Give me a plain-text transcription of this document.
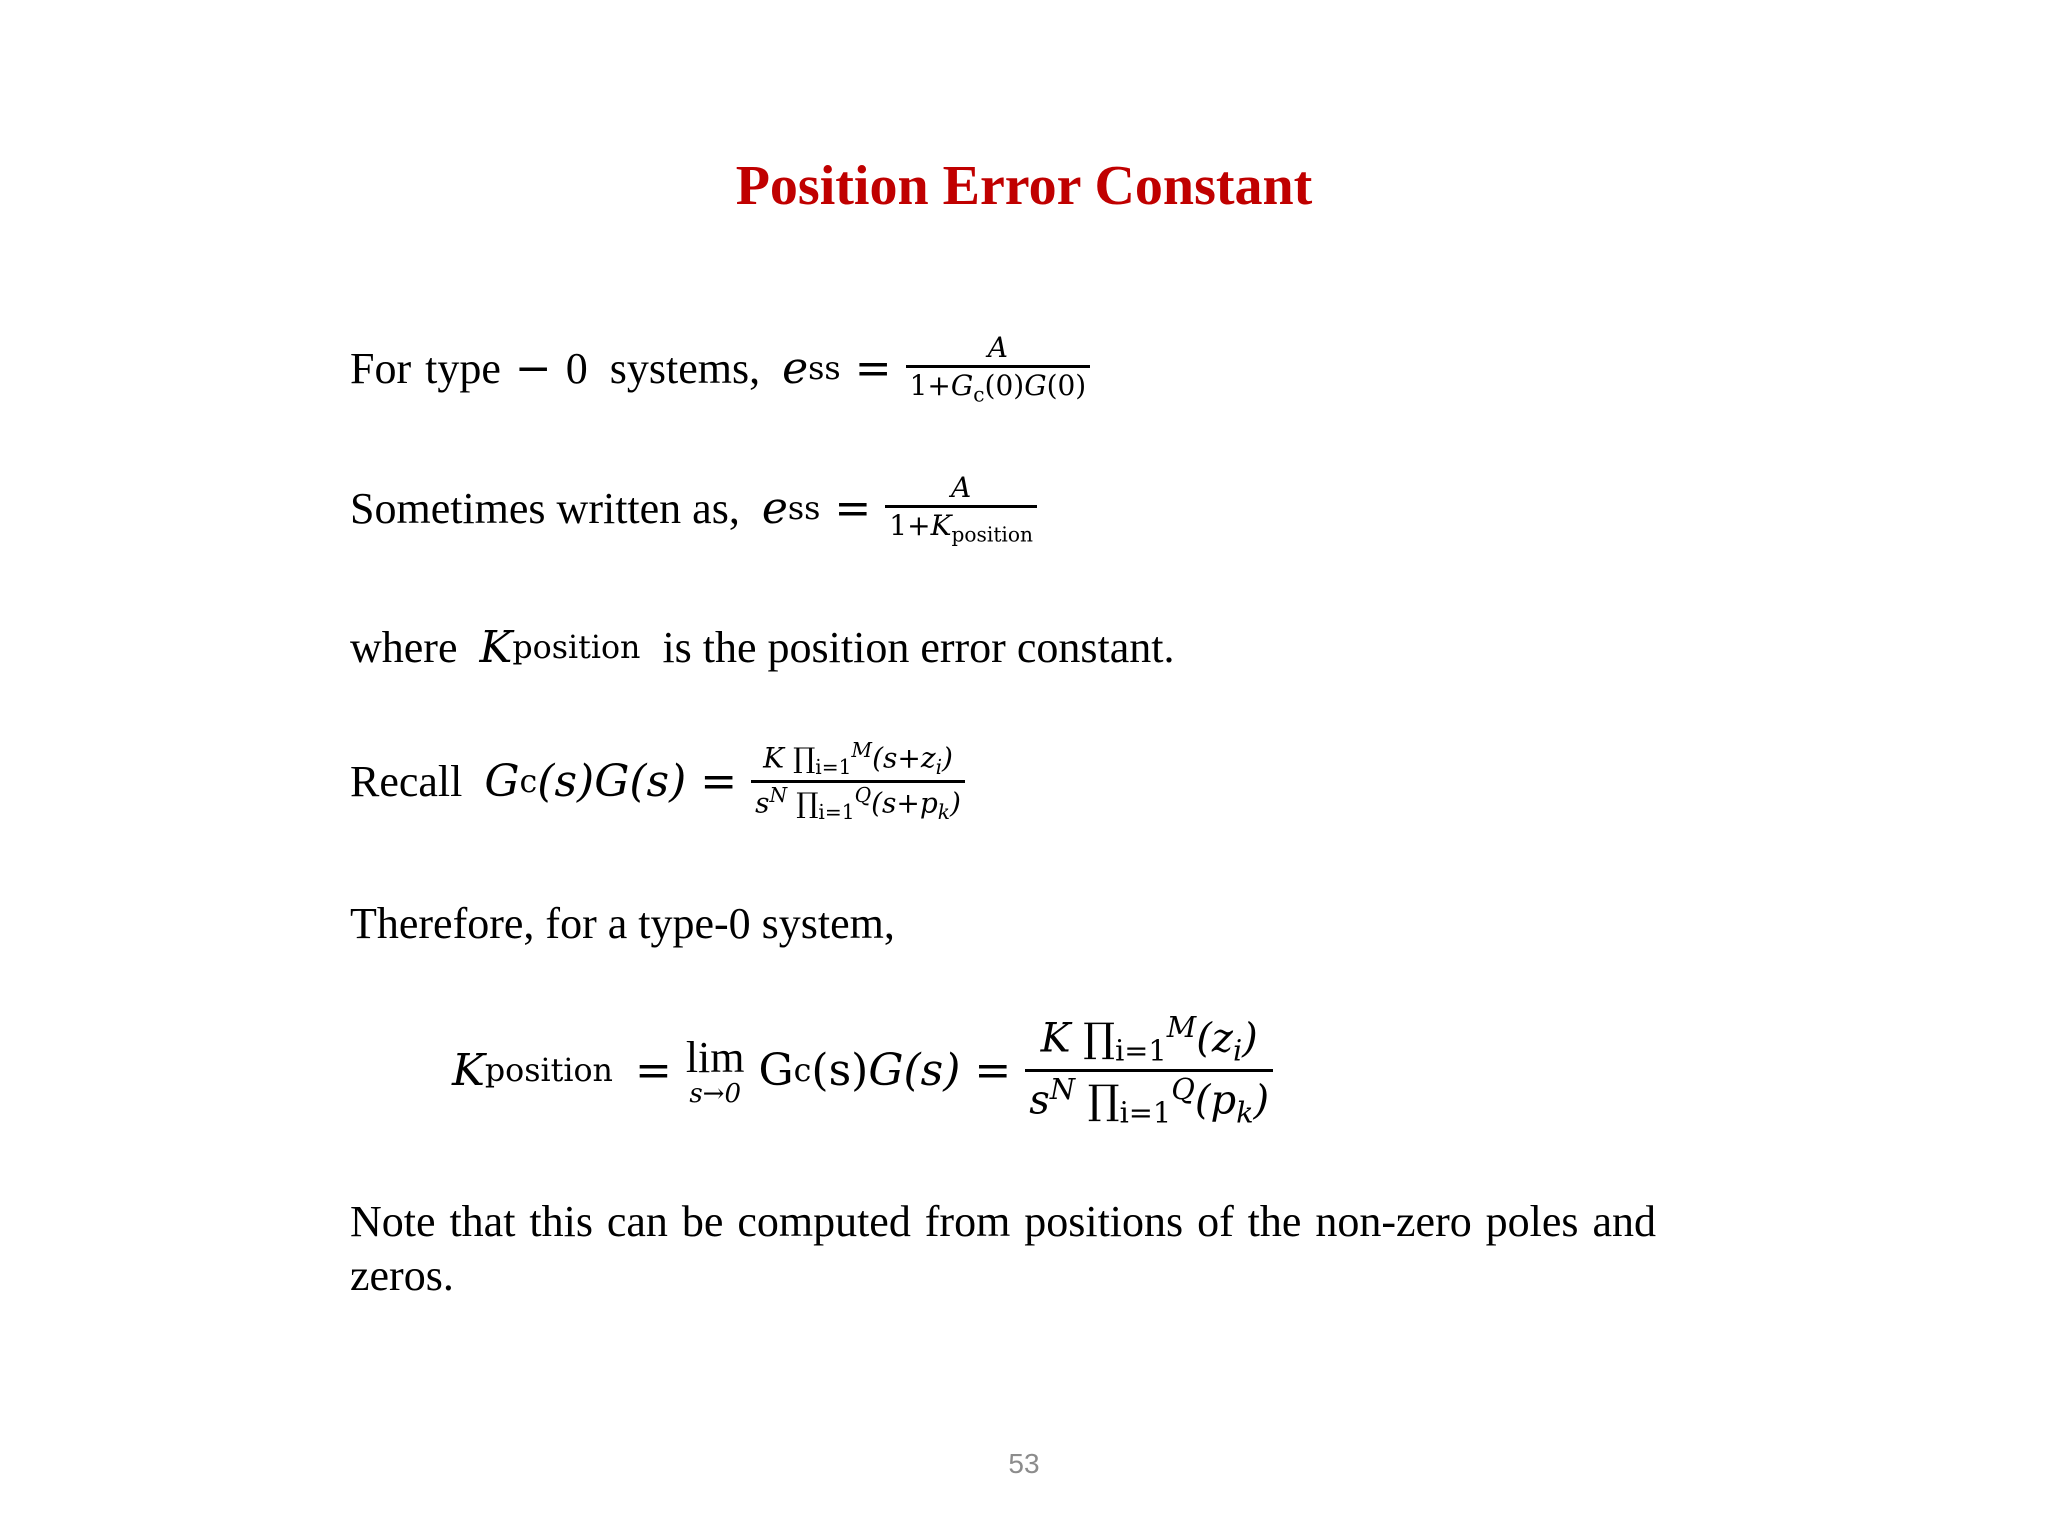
Position Error Constant
For type − 0 systems, e ss = $\frac{A}{1+G_c(0)G(0)}$
Sometimes written as, e ss = $\frac{A}{1+K_{position}}$
where K position is the position error constant.
Recall G c (s) G $(s) = \frac{K \prod_{i=1}^M(s+z_i)}{s^N \prod_{i=1}^Q(s+p_k)}$
Therefore, for a type-0 system,
K position = lim
s→0 G c (s) G $(s) = \frac{K \prod_{i=1}^M(z_i)}{s^N \prod_{i=1}^Q(p_k)}$
Note that this can be computed from positions of the non-zero poles and zeros.
53
